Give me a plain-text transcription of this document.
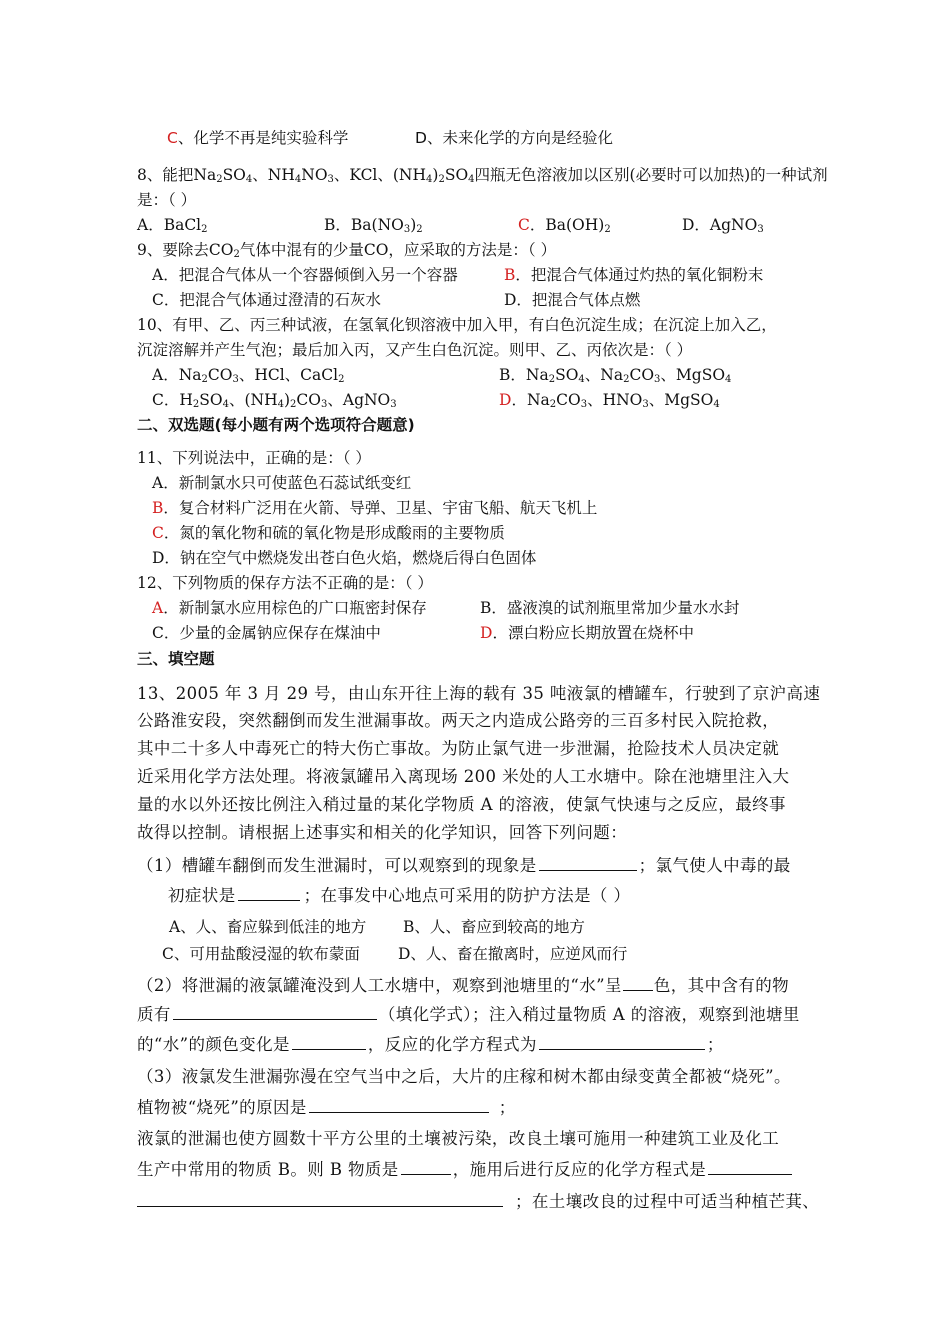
C、化学不再是纯实验科学	D、未来化学的方向是经验化
8、能把$Na_2SO_4$、$NH_4NO_3$、KCl、$(NH_4)_2SO_4$四瓶无色溶液加以区别(必要时可以加热)的一种试剂
是：（ ）
A．BaCl$_2$	B．$Ba(NO_3)_2$	C．$Ba(OH)_2$	D．AgNO$_3$
9、要除去$CO_2$气体中混有的少量CO，应采取的方法是：（ ）
A．把混合气体从一个容器倾倒入另一个容器	B．把混合气体通过灼热的氧化铜粉末
C．把混合气体通过澄清的石灰水	D．把混合气体点燃
10、有甲、乙、丙三种试液，在氢氧化钡溶液中加入甲，有白色沉淀生成；在沉淀上加入乙，
沉淀溶解并产生气泡；最后加入丙，又产生白色沉淀。则甲、乙、丙依次是：（ ）
A．$Na_2CO_3$、HCl、CaCl$_2$	B．$Na_2SO_4$、$Na_2CO_3$、MgSO$_4$
C．$H_2SO_4$、$(NH_4)_2CO_3$、AgNO$_3$	D．$Na_2CO_3$、$HNO_3$、MgSO$_4$
二、双选题(每小题有两个选项符合题意)
11、下列说法中，正确的是：（ ）
A．新制氯水只可使蓝色石蕊试纸变红
B．复合材料广泛用在火箭、导弹、卫星、宇宙飞船、航天飞机上
C．氮的氧化物和硫的氧化物是形成酸雨的主要物质
D．钠在空气中燃烧发出苍白色火焰，燃烧后得白色固体
12、下列物质的保存方法不正确的是：（ ）
A．新制氯水应用棕色的广口瓶密封保存	B．盛液溴的试剂瓶里常加少量水水封
C．少量的金属钠应保存在煤油中	D．漂白粉应长期放置在烧杯中
三、填空题
13、2005 年 3 月 29 号，由山东开往上海的载有 35 吨液氯的槽罐车，行驶到了京沪高速
公路淮安段，突然翻倒而发生泄漏事故。两天之内造成公路旁的三百多村民入院抢救，
其中二十多人中毒死亡的特大伤亡事故。为防止氯气进一步泄漏，抢险技术人员决定就
近采用化学方法处理。将液氯罐吊入离现场 200 米处的人工水塘中。除在池塘里注入大
量的水以外还按比例注入稍过量的某化学物质 A 的溶液，使氯气快速与之反应，最终事
故得以控制。请根据上述事实和相关的化学知识，回答下列问题：
（1）槽罐车翻倒而发生泄漏时，可以观察到的现象是	；氯气使人中毒的最
初症状是	；在事发中心地点可采用的防护方法是（ ）
A、人、畜应躲到低洼的地方 B、人、畜应到较高的地方
C、可用盐酸浸湿的软布蒙面 D、人、畜在撤离时，应逆风而行
（2）将泄漏的液氯罐淹没到人工水塘中，观察到池塘里的“水”呈 色，其中含有的物
质有	（填化学式）；注入稍过量物质 A 的溶液，观察到池塘里
的“水”的颜色变化是	，反应的化学方程式为	；
（3）液氯发生泄漏弥漫在空气当中之后，大片的庄稼和树木都由绿变黄全都被“烧死”。
植物被“烧死”的原因是	；
液氯的泄漏也使方圆数十平方公里的土壤被污染，改良土壤可施用一种建筑工业及化工
生产中常用的物质 B。则 B 物质是	，施用后进行反应的化学方程式是
；在土壤改良的过程中可适当种植芒萁、
